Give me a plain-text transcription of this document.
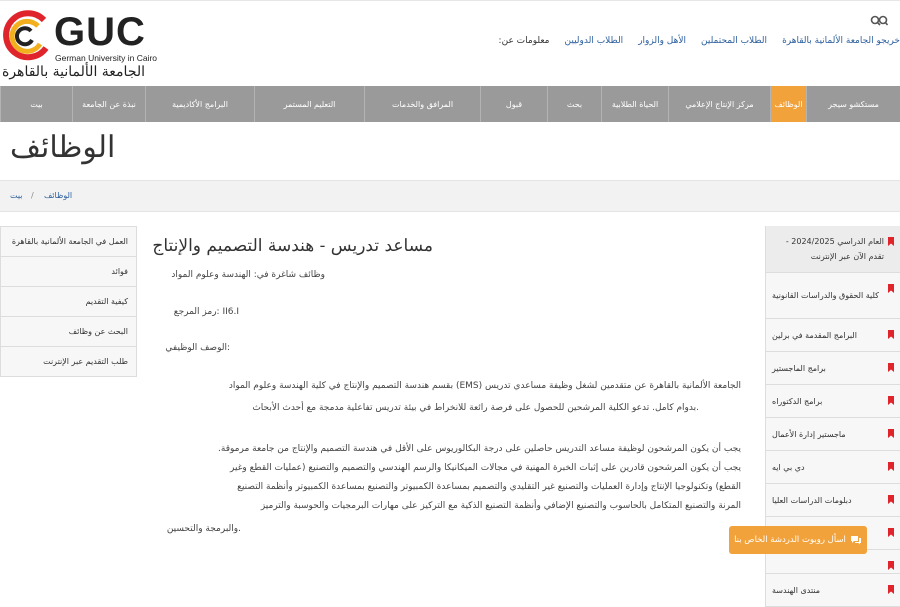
GUC
German University in Cairo
الجامعة الألمانية بالقاهرة
خريجو الجامعة الألمانية بالقاهرة
الطلاب المحتملين
الأهل والزوار
الطلاب الدوليين
:معلومات عن
مستكشو سيجر
الوظائف
مركز الإنتاج الإعلامي
الحياة الطلابية
بحث
قبول
المرافق والخدمات
التعليم المستمر
البرامج الأكاديمية
نبذة عن الجامعة
بيت
الوظائف
بيت / الوظائف
العمل في الجامعة الألمانية بالقاهرة
فوائد
كيفية التقديم
البحث عن وظائف
طلب التقديم عبر الإنترنت
مساعد تدريس - هندسة التصميم والإنتاج
وظائف شاغرة في: الهندسة وعلوم المواد
II6.I :رمز المرجع
:الوصف الوظيفي
الجامعة الألمانية بالقاهرة عن متقدمين لشغل وظيفة مساعدي تدريس (EMS) بقسم هندسة التصميم والإنتاج في كلية الهندسة وعلوم المواد
.بدوام كامل. تدعو الكلية المرشحين للحصول على فرصة رائعة للانخراط في بيئة تدريس تفاعلية مدمجة مع أحدث الأبحاث
يجب أن يكون المرشحون لوظيفة مساعد التدريس حاصلين على درجة البكالوريوس على الأقل في هندسة التصميم والإنتاج من جامعة مرموقة.
يجب أن يكون المرشحون قادرين على إثبات الخبرة المهنية في مجالات الميكانيكا والرسم الهندسي والتصميم والتصنيع (عمليات القطع وغير
القطع) وتكنولوجيا الإنتاج وإدارة العمليات والتصنيع غير التقليدي والتصميم بمساعدة الكمبيوتر والتصنيع بمساعدة الكمبيوتر وأنظمة التصنيع
المرنة والتصنيع المتكامل بالحاسوب والتصنيع الإضافي وأنظمة التصنيع الذكية مع التركيز على مهارات البرمجيات والحوسبة والترميز
.والبرمجة والتحسين
العام الدراسي 2024/2025 - تقدم الآن عبر الإنترنت
كلية الحقوق والدراسات القانونية
البرامج المقدمة في برلين
برامج الماجستير
برامج الدكتوراه
ماجستير إدارة الأعمال
دي بي ايه
دبلومات الدراسات العليا
منتدى الهندسة
اسأل روبوت الدردشة الخاص بنا
